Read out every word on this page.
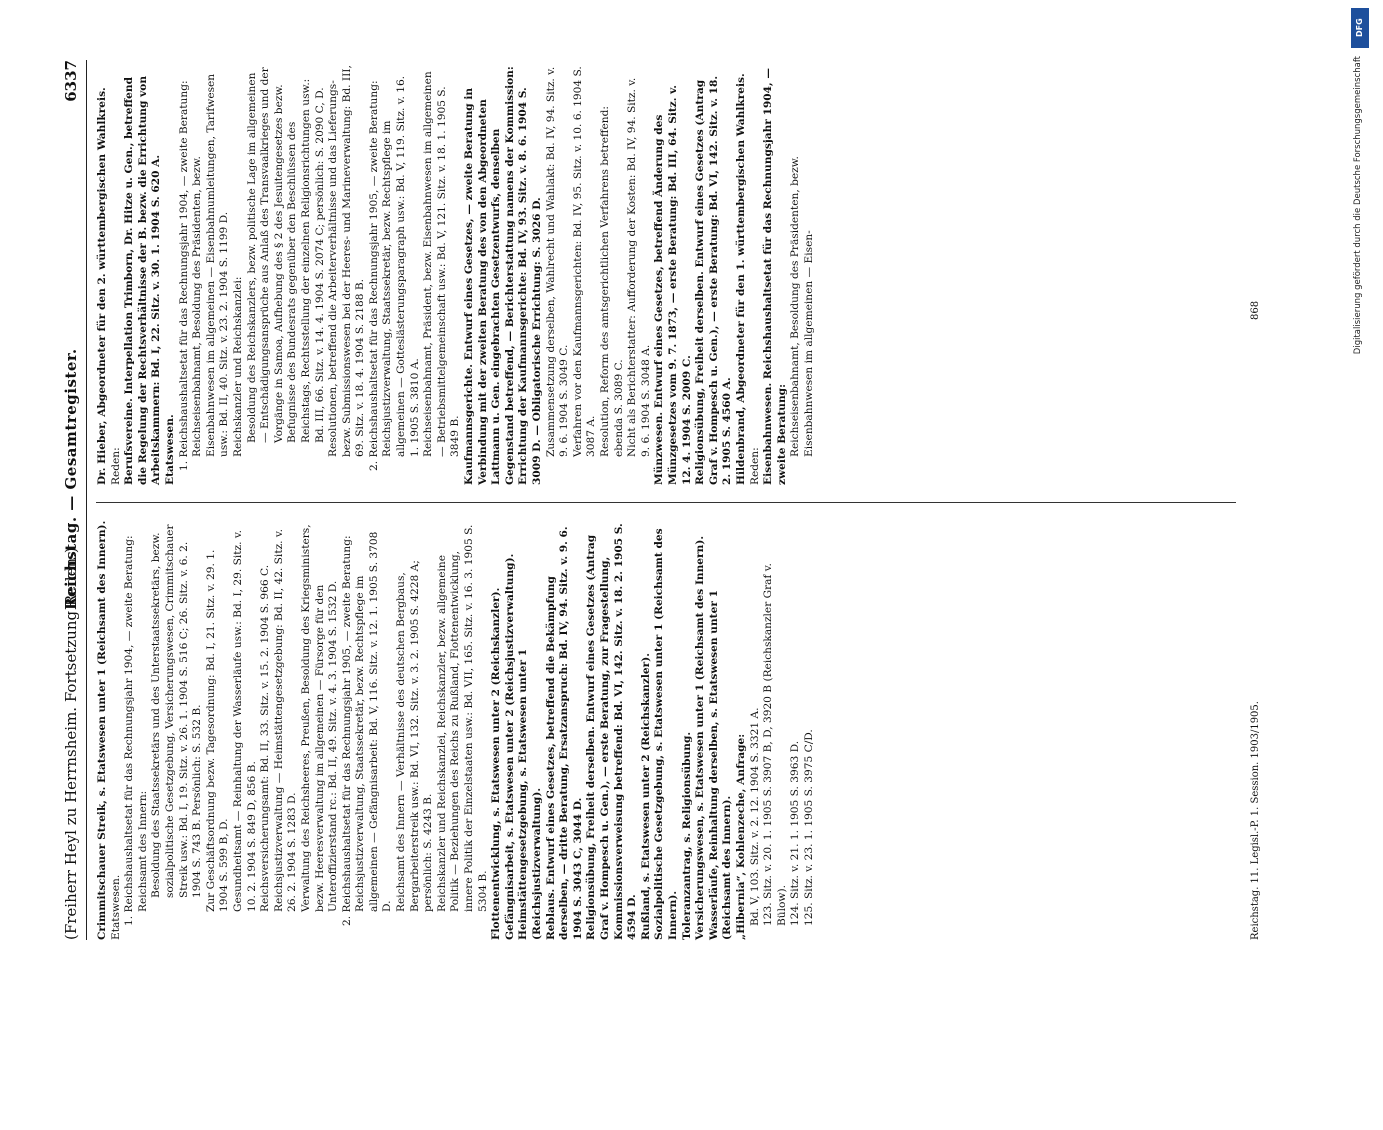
(Freiherr Heyl zu Herrnsheim. Fortsetzung Reden.)
Reichstag. — Gesamtregister.
6337

Crimmitschauer Streik, s. Etatswesen unter 1 (Reichsamt des Innern). Etatswesen. 1. Reichshaushaltsetat für das Rechnungsjahr 1904, — zweite Beratung: Reichsamt des Innern: Besoldung des Staatssekretärs und des Unterstaatssekretärs, bezw. sozialpolitische Gesetzgebung, Versicherungswesen, Crimmitschauer Streik usw.: Bd. I, 19. Sitz. v. 26. 1. 1904 S. 516 C; 26. Sitz. v. 6. 2. 1904 S. 743 B. Persönlich: S. 532 B. Zur Geschäftsordnung bezw. Tagesordnung: Bd. I, 21. Sitz. v. 29. 1. 1904 S. 599 B, D. Gesundheitsamt — Reinhaltung der Wasserläufe usw.: Bd. I, 29. Sitz. v. 10. 2. 1904 S. 849 D, 856 B. Reichsversicherungsamt: Bd. II, 33. Sitz. v. 15. 2. 1904 S. 966 C. Reichsjustizverwaltung — Heimstättengesetzgebung: Bd. II, 42. Sitz. v. 26. 2. 1904 S. 1283 D. Verwaltung des Reichsheeres, Preußen, Besoldung des Kriegsministers, bezw. Heeresverwaltung im allgemeinen — Fürsorge für den Unteroffizierstand rc.: Bd. II, 49. Sitz. v. 4. 3. 1904 S. 1532 D. 2. Reichshaushaltsetat für das Rechnungsjahr 1905, — zweite Beratung: Reichsjustizverwaltung, Staatssekretär, bezw. Rechtspflege im allgemeinen — Gefängnisarbeit: Bd. V, 116. Sitz. v. 12. 1. 1905 S. 3708 D. Reichsamt des Innern — Verhältnisse des deutschen Bergbaus, Bergarbeiterstreik usw.: Bd. VI, 132. Sitz. v. 3. 2. 1905 S. 4228 A; persönlich: S. 4243 B. Reichskanzler und Reichskanzlei, Reichskanzler, bezw. allgemeine Politik — Beziehungen des Reichs zu Rußland, Flottenentwicklung, innere Politik der Einzelstaaten usw.: Bd. VII, 165. Sitz. v. 16. 3. 1905 S. 5304 B. Flottenentwicklung, s. Etatswesen unter 2 (Reichskanzler). Gefängnisarbeit, s. Etatswesen unter 2 (Reichsjustizverwaltung). Heimstättengesetzgebung, s. Etatswesen unter 1 (Reichsjustizverwaltung). Reblaus. Entwurf eines Gesetzes, betreffend die Bekämpfung derselben, — dritte Beratung, Ersatzanspruch: Bd. IV, 94. Sitz. v. 9. 6. 1904 S. 3043 C, 3044 D. Religionsübung, Freiheit derselben. Entwurf eines Gesetzes (Antrag Graf v. Hompesch u. Gen.), — erste Beratung, zur Fragestellung, Kommissionsverweisung betreffend: Bd. VI, 142. Sitz. v. 18. 2. 1905 S. 4594 D. Rußland, s. Etatswesen unter 2 (Reichskanzler). Sozialpolitische Gesetzgebung, s. Etatswesen unter 1 (Reichsamt des Innern). Toleranzantrag, s. Religionsübung. Versicherungswesen, s. Etatswesen unter 1 (Reichsamt des Innern). Wasserläufe, Reinhaltung derselben, s. Etatswesen unter 1 (Reichsamt des Innern). „Hibernia“, Kohlenzeche, Anfrage: Bd. V, 103. Sitz. v. 2. 12. 1904 S. 3321 A. 123. Sitz. v. 20. 1. 1905 S. 3907 B, D, 3920 B (Reichskanzler Graf v. Bülow). 124. Sitz. v. 21. 1. 1905 S. 3963 D. 125. Sitz. v. 23. 1. 1905 S. 3975 C/D.

Dr. Hieber, Abgeordneter für den 2. württembergischen Wahlkreis. Reden: Berufsvereine. Interpellation Trimborn, Dr. Hitze u. Gen., betreffend die Regelung der Rechtsverhältnisse der B. bezw. die Errichtung von Arbeitskammern: Bd. I, 22. Sitz. v. 30. 1. 1904 S. 620 A. Etatswesen. 1. Reichshaushaltsetat für das Rechnungsjahr 1904, — zweite Beratung: Reichseisenbahnamt, Besoldung des Präsidenten, bezw. Eisenbahnwesen im allgemeinen — Eisenbahnumleitungen, Tarifwesen usw.: Bd. II, 40. Sitz. v. 23. 2. 1904 S. 1199 D. Reichskanzler und Reichskanzlei: Besoldung des Reichskanzlers, bezw. politische Lage im allgemeinen — Entschädigungsansprüche aus Anlaß des Transvaalkrieges und der Vorgänge in Samoa, Aufhebung des § 2 des Jesuitengesetzes bezw. Befugnisse des Bundesrats gegenüber den Beschlüssen des Reichstags, Rechtsstellung der einzelnen Religionsrichtungen usw.: Bd. III, 66. Sitz. v. 14. 4. 1904 S. 2074 C; persönlich: S. 2090 C, D. Resolutionen, betreffend die Arbeiterverhältnisse und das Lieferungs- bezw. Submissionswesen bei der Heeres- und Marineverwaltung: Bd. III, 69. Sitz. v. 18. 4. 1904 S. 2188 B. 2. Reichshaushaltsetat für das Rechnungsjahr 1905, — zweite Beratung: Reichsjustizverwaltung, Staatssekretär, bezw. Rechtspflege im allgemeinen — Gotteslästerungsparagraph usw.: Bd. V, 119. Sitz. v. 16. 1. 1905 S. 3810 A. Reichseisenbahnamt, Präsident, bezw. Eisenbahnwesen im allgemeinen — Betriebsmittelgemeinschaft usw.: Bd. V, 121. Sitz. v. 18. 1. 1905 S. 3849 B. Kaufmannsgerichte. Entwurf eines Gesetzes, — zweite Beratung in Verbindung mit der zweiten Beratung des von den Abgeordneten Lattmann u. Gen. eingebrachten Gesetzentwurfs, denselben Gegenstand betreffend, — Berichterstattung namens der Kommission: Errichtung der Kaufmannsgerichte: Bd. IV, 93. Sitz. v. 8. 6. 1904 S. 3009 D. — Obligatorische Errichtung: S. 3026 D. Zusammensetzung derselben, Wahlrecht und Wahlakt: Bd. IV, 94. Sitz. v. 9. 6. 1904 S. 3049 C. Verfahren vor den Kaufmannsgerichten: Bd. IV, 95. Sitz. v. 10. 6. 1904 S. 3087 A. Resolution, Reform des amtsgerichtlichen Verfahrens betreffend: ebenda S. 3089 C. Nicht als Berichterstatter: Aufforderung der Kosten: Bd. IV, 94. Sitz. v. 9. 6. 1904 S. 3048 A. Münzwesen. Entwurf eines Gesetzes, betreffend Änderung des Münzgesetzes vom 9. 7. 1873, — erste Beratung: Bd. III, 64. Sitz. v. 12. 4. 1904 S. 2009 C. Religionsübung, Freiheit derselben. Entwurf eines Gesetzes (Antrag Graf v. Hompesch u. Gen.), — erste Beratung: Bd. VI, 142. Sitz. v. 18. 2. 1905 S. 4560 A. Hildenbrand, Abgeordneter für den 1. württembergischen Wahlkreis. Reden: Eisenbahnwesen. Reichshaushaltsetat für das Rechnungsjahr 1904, — zweite Beratung: Reichseisenbahnamt, Besoldung des Präsidenten, bezw. Eisenbahnwesen im allgemeinen — Eisen-

Reichstag. 11. Legisl.-P. 1. Session. 1903/1905.
868
DFG
Digitalisierung gefördert durch die Deutsche Forschungsgemeinschaft
